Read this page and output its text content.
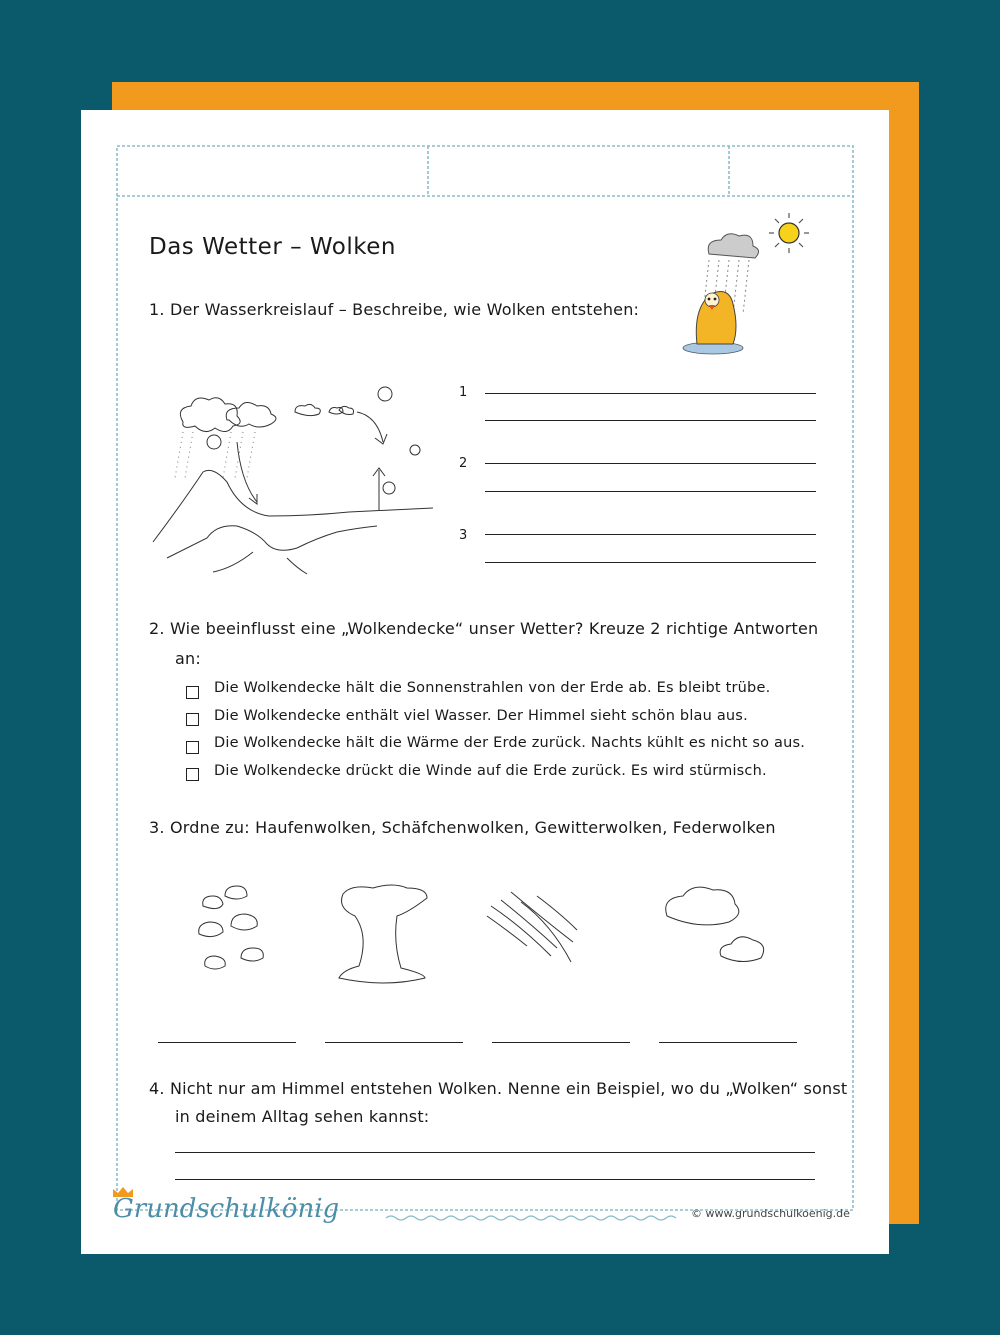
Das Wetter – Wolken
1. Der Wasserkreislauf – Beschreibe, wie Wolken entstehen:
1
2
3
2. Wie beeinflusst eine „Wolkendecke“ unser Wetter? Kreuze 2 richtige Antworten
an:
Die Wolkendecke hält die Sonnenstrahlen von der Erde ab. Es bleibt trübe.
Die Wolkendecke enthält viel Wasser. Der Himmel sieht schön blau aus.
Die Wolkendecke hält die Wärme der Erde zurück. Nachts kühlt es nicht so aus.
Die Wolkendecke drückt die Winde auf die Erde zurück. Es wird stürmisch.
3. Ordne zu: Haufenwolken, Schäfchenwolken, Gewitterwolken, Federwolken
4. Nicht nur am Himmel entstehen Wolken. Nenne ein Beispiel, wo du „Wolken“ sonst
in deinem Alltag sehen kannst:
Grundschulkönig	© www.grundschulkoenig.de
